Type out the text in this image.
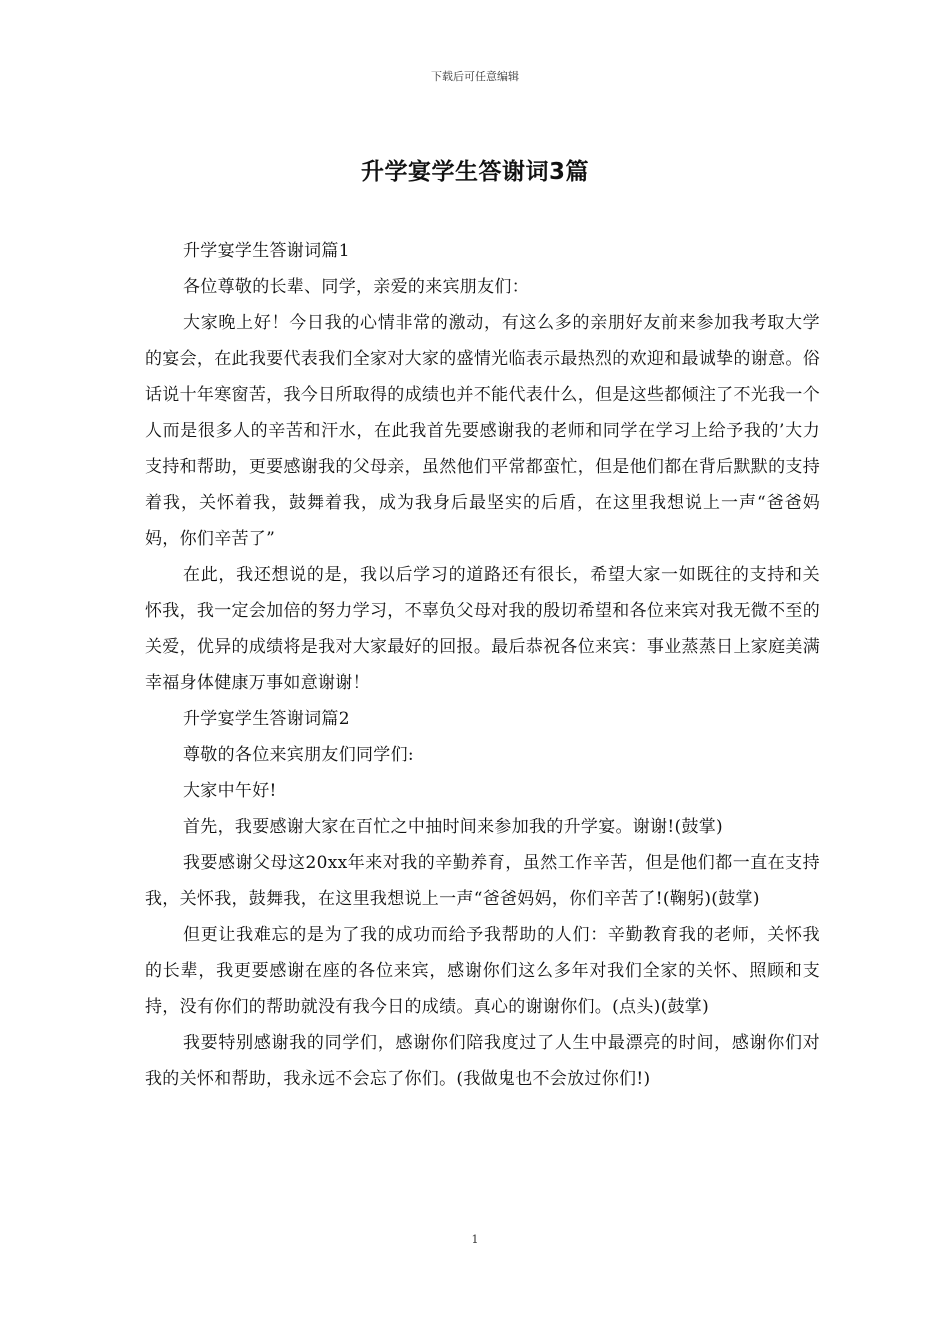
下载后可任意编辑
升学宴学生答谢词3篇

升学宴学生答谢词篇1

各位尊敬的长辈、同学，亲爱的来宾朋友们：

大家晚上好！今日我的心情非常的激动，有这么多的亲朋好友前来参加我考取大学的宴会，在此我要代表我们全家对大家的盛情光临表示最热烈的欢迎和最诚挚的谢意。俗话说十年寒窗苦，我今日所取得的成绩也并不能代表什么，但是这些都倾注了不光我一个人而是很多人的辛苦和汗水，在此我首先要感谢我的老师和同学在学习上给予我的’大力支持和帮助，更要感谢我的父母亲，虽然他们平常都蛮忙，但是他们都在背后默默的支持着我，关怀着我，鼓舞着我，成为我身后最坚实的后盾，在这里我想说上一声“爸爸妈妈，你们辛苦了”

在此，我还想说的是，我以后学习的道路还有很长，希望大家一如既往的支持和关怀我，我一定会加倍的努力学习，不辜负父母对我的殷切希望和各位来宾对我无微不至的关爱，优异的成绩将是我对大家最好的回报。最后恭祝各位来宾：事业蒸蒸日上家庭美满幸福身体健康万事如意谢谢！

升学宴学生答谢词篇2

尊敬的各位来宾朋友们同学们:

大家中午好!

首先，我要感谢大家在百忙之中抽时间来参加我的升学宴。谢谢!(鼓掌)

我要感谢父母这20xx年来对我的辛勤养育，虽然工作辛苦，但是他们都一直在支持我，关怀我，鼓舞我，在这里我想说上一声“爸爸妈妈，你们辛苦了!(鞠躬)(鼓掌)

但更让我难忘的是为了我的成功而给予我帮助的人们：辛勤教育我的老师，关怀我的长辈，我更要感谢在座的各位来宾，感谢你们这么多年对我们全家的关怀、照顾和支持，没有你们的帮助就没有我今日的成绩。真心的谢谢你们。(点头)(鼓掌)

我要特别感谢我的同学们，感谢你们陪我度过了人生中最漂亮的时间，感谢你们对我的关怀和帮助，我永远不会忘了你们。(我做鬼也不会放过你们!)

1
